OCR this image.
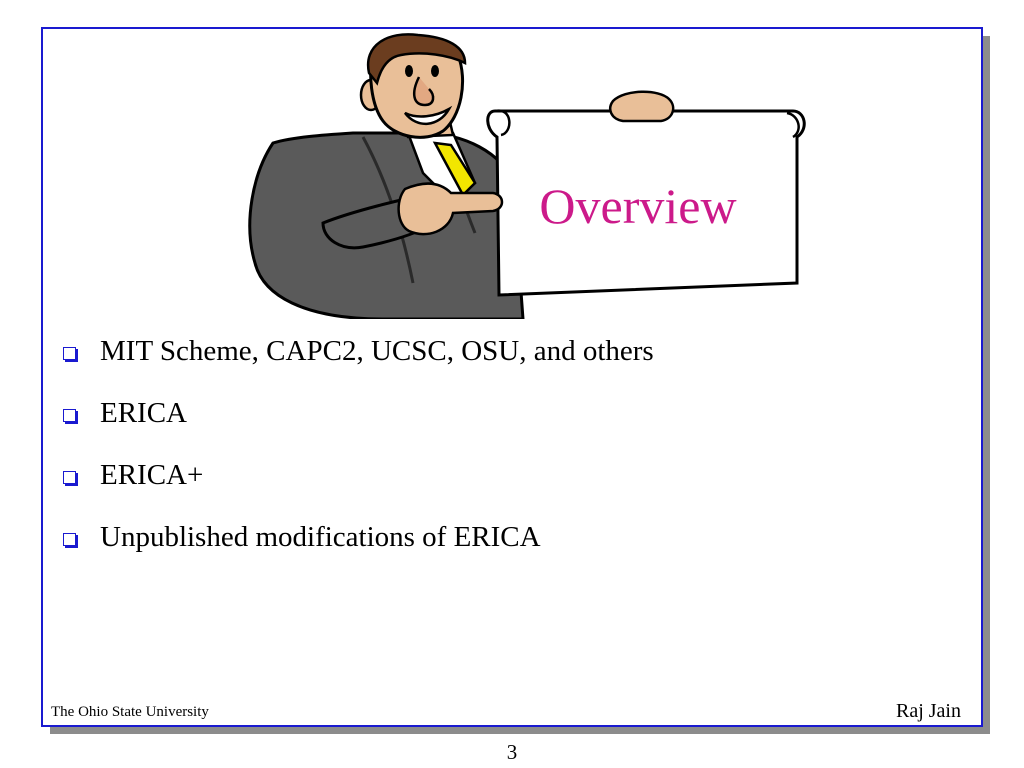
Overview
MIT Scheme, CAPC2, UCSC, OSU, and others
ERICA
ERICA+
Unpublished modifications of ERICA
The Ohio State University	Raj Jain
3
